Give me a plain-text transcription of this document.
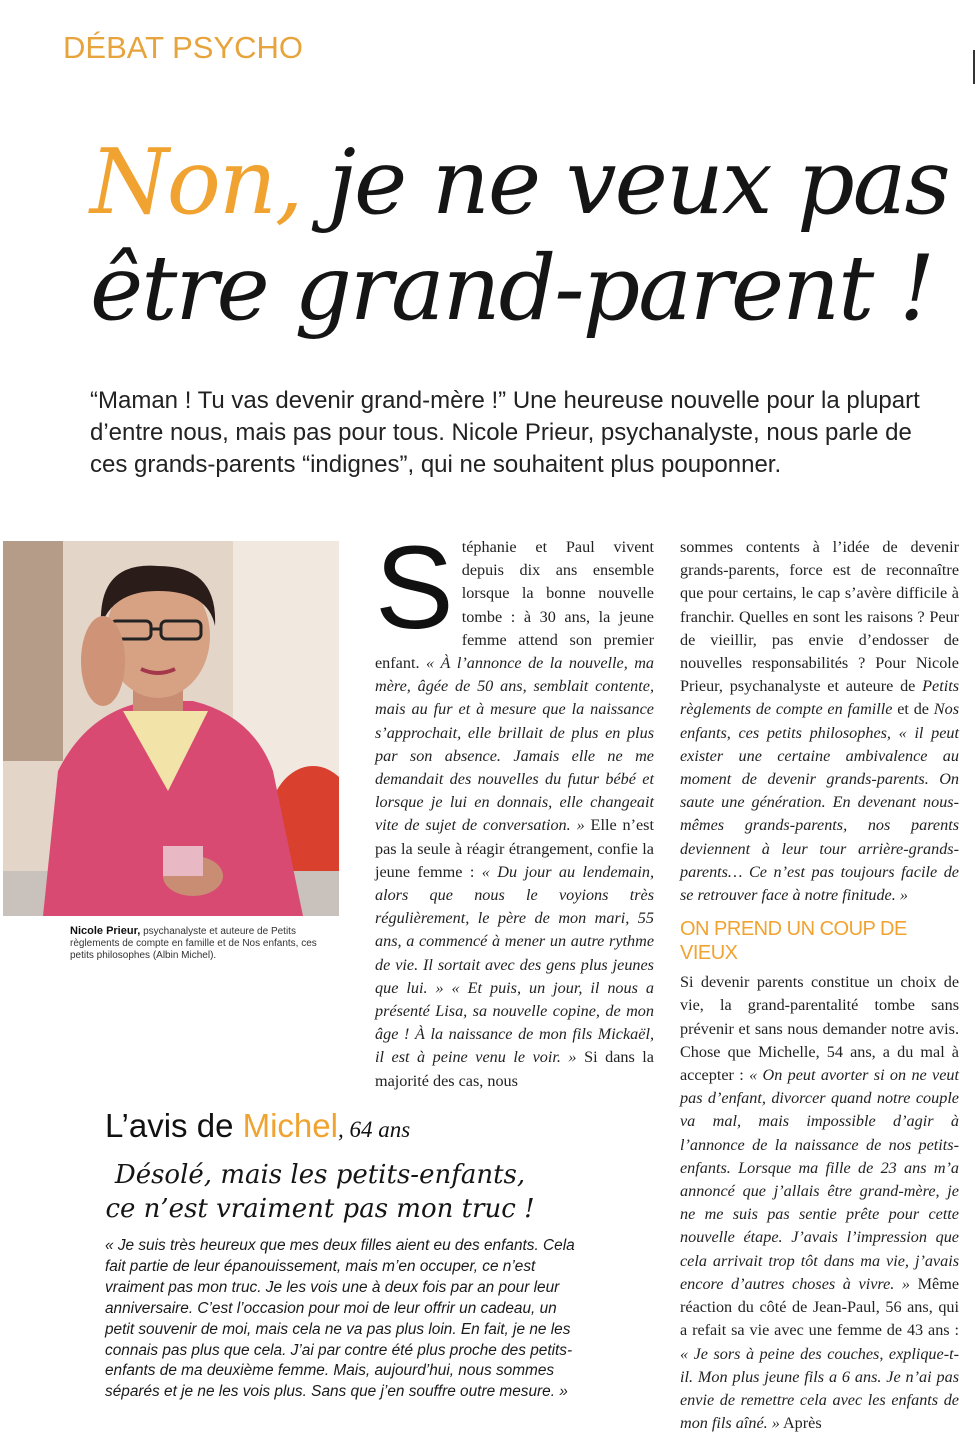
DÉBAT PSYCHO
Non, je ne veux pas
être grand-parent !

“Maman ! Tu vas devenir grand-mère !” Une heureuse nouvelle pour la plupart d’entre nous, mais pas pour tous. Nicole Prieur, psychanalyste, nous parle de ces grands-parents “indignes”, qui ne souhaitent plus pouponner.

Nicole Prieur, psychanalyste et auteure de Petits règlements de compte en famille et de Nos enfants, ces petits philosophes (Albin Michel).

Stéphanie et Paul vivent depuis dix ans ensemble lorsque la bonne nouvelle tombe : à 30 ans, la jeune femme attend son premier enfant. « À l’annonce de la nouvelle, ma mère, âgée de 50 ans, semblait contente, mais au fur et à mesure que la naissance s’approchait, elle brillait de plus en plus par son absence. Jamais elle ne me demandait des nouvelles du futur bébé et lorsque je lui en donnais, elle changeait vite de sujet de conversation. » Elle n’est pas la seule à réagir étrangement, confie la jeune femme : « Du jour au lendemain, alors que nous le voyions très régulièrement, le père de mon mari, 55 ans, a commencé à mener un autre rythme de vie. Il sortait avec des gens plus jeunes que lui. » « Et puis, un jour, il nous a présenté Lisa, sa nouvelle copine, de mon âge ! À la naissance de mon fils Mickaël, il est à peine venu le voir. » Si dans la majorité des cas, nous

sommes contents à l’idée de devenir grands-parents, force est de reconnaître que pour certains, le cap s’avère difficile à franchir. Quelles en sont les raisons ? Peur de vieillir, pas envie d’endosser de nouvelles responsabilités ? Pour Nicole Prieur, psychanalyste et auteure de Petits règlements de compte en famille et de Nos enfants, ces petits philosophes, « il peut exister une certaine ambivalence au moment de devenir grands-parents. On saute une génération. En devenant nous-mêmes grands-parents, nos parents deviennent à leur tour arrière-grands-parents… Ce n’est pas toujours facile de se retrouver face à notre finitude. »

ON PREND UN COUP DE VIEUX

Si devenir parents constitue un choix de vie, la grand-parentalité tombe sans prévenir et sans nous demander notre avis. Chose que Michelle, 54 ans, a du mal à accepter : « On peut avorter si on ne veut pas d’enfant, divorcer quand notre couple va mal, mais impossible d’agir à l’annonce de la naissance de nos petits-enfants. Lorsque ma fille de 23 ans m’a annoncé que j’allais être grand-mère, je ne me suis pas sentie prête pour cette nouvelle étape. J’avais l’impression que cela arrivait trop tôt dans ma vie, j’avais encore d’autres choses à vivre. » Même réaction du côté de Jean-Paul, 56 ans, qui a refait sa vie avec une femme de 43 ans : « Je sors à peine des couches, explique-t-il. Mon plus jeune fils a 6 ans. Je n’ai pas envie de remettre cela avec les enfants de mon fils aîné. » Après

L’avis de Michel, 64 ans
Désolé, mais les petits-enfants,
ce n’est vraiment pas mon truc !

« Je suis très heureux que mes deux filles aient eu des enfants. Cela fait partie de leur épanouissement, mais m’en occuper, ce n’est vraiment pas mon truc. Je les vois une à deux fois par an pour leur anniversaire. C’est l’occasion pour moi de leur offrir un cadeau, un petit souvenir de moi, mais cela ne va pas plus loin. En fait, je ne les connais pas plus que cela. J’ai par contre été plus proche des petits-enfants de ma deuxième femme. Mais, aujourd’hui, nous sommes séparés et je ne les vois plus. Sans que j’en souffre outre mesure. »
